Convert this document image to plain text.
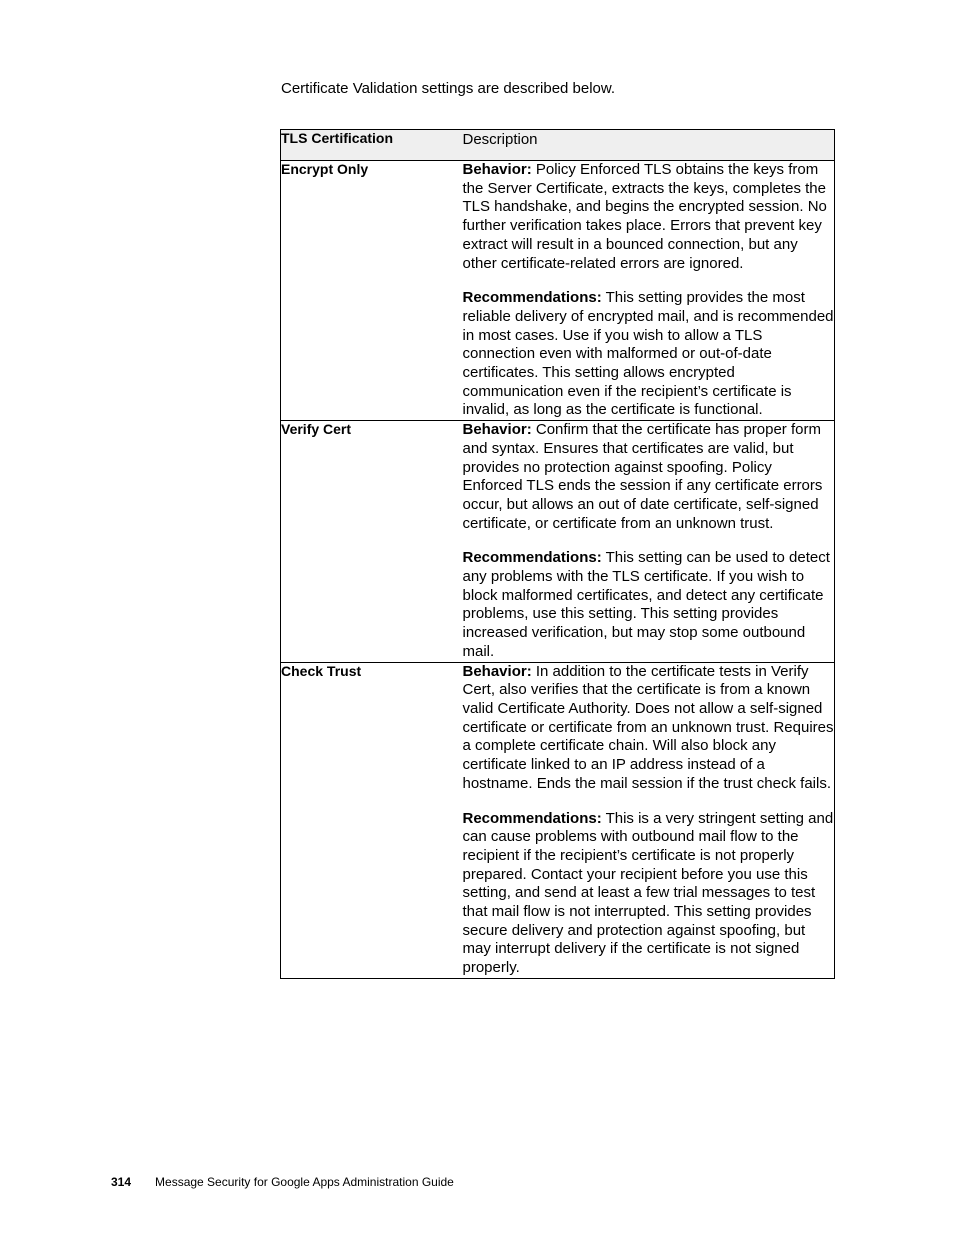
Certificate Validation settings are described below.
TLS Certification	Description
Encrypt Only	Behavior: Policy Enforced TLS obtains the keys from the Server Certificate, extracts the keys, completes the TLS handshake, and begins the encrypted session. No further verification takes place. Errors that prevent key extract will result in a bounced connection, but any other certificate-related errors are ignored.

Recommendations: This setting provides the most reliable delivery of encrypted mail, and is recommended in most cases. Use if you wish to allow a TLS connection even with malformed or out-of-date certificates. This setting allows encrypted communication even if the recipient’s certificate is invalid, as long as the certificate is functional.

Verify Cert	Behavior: Confirm that the certificate has proper form and syntax. Ensures that certificates are valid, but provides no protection against spoofing. Policy Enforced TLS ends the session if any certificate errors occur, but allows an out of date certificate, self-signed certificate, or certificate from an unknown trust.

Recommendations: This setting can be used to detect any problems with the TLS certificate. If you wish to block malformed certificates, and detect any certificate problems, use this setting. This setting provides increased verification, but may stop some outbound mail.

Check Trust	Behavior: In addition to the certificate tests in Verify Cert, also verifies that the certificate is from a known valid Certificate Authority. Does not allow a self-signed certificate or certificate from an unknown trust. Requires a complete certificate chain. Will also block any certificate linked to an IP address instead of a hostname. Ends the mail session if the trust check fails.

Recommendations: This is a very stringent setting and can cause problems with outbound mail flow to the recipient if the recipient’s certificate is not properly prepared. Contact your recipient before you use this setting, and send at least a few trial messages to test that mail flow is not interrupted. This setting provides secure delivery and protection against spoofing, but may interrupt delivery if the certificate is not signed properly.

314 Message Security for Google Apps Administration Guide
